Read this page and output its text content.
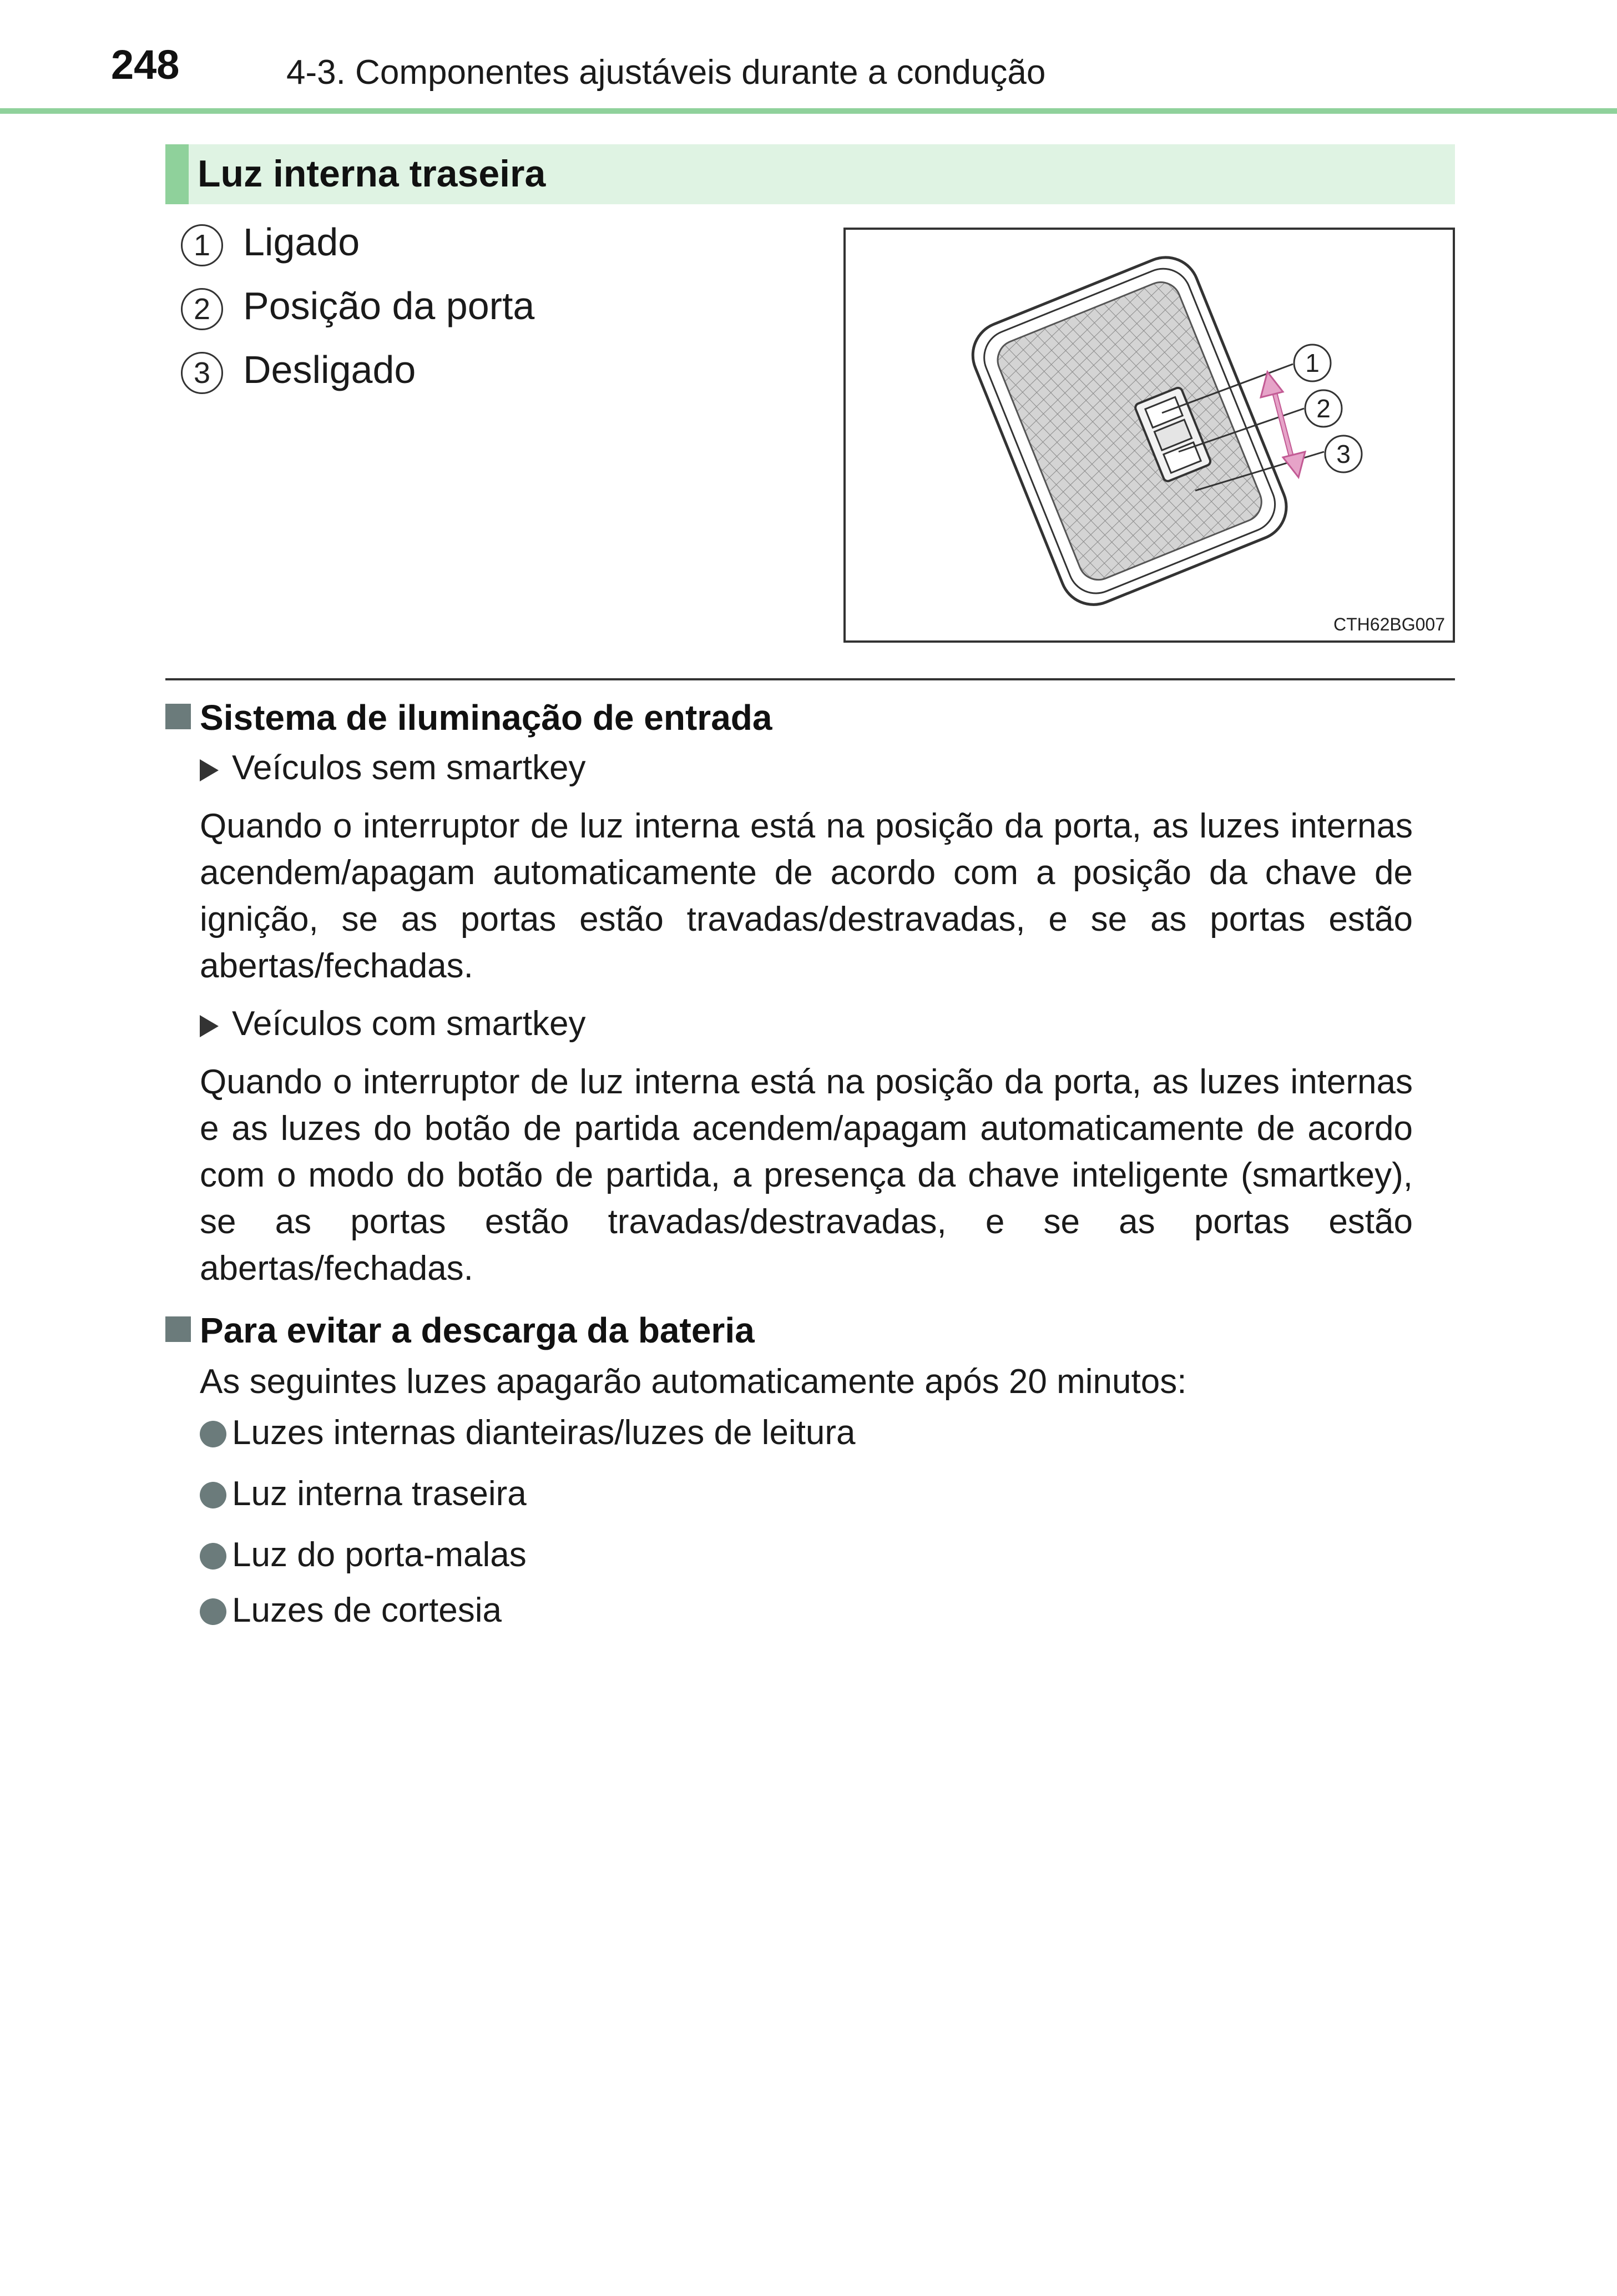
248	4-3. Componentes ajustáveis durante a condução
Luz interna traseira
1 Ligado
2 Posição da porta
3 Desligado	1
2
3
CTH62BG007
Sistema de iluminação de entrada
Veículos sem smartkey
Quando o interruptor de luz interna está na posição da porta, as luzes internas acendem/apagam automaticamente de acordo com a posição da chave de ignição, se as portas estão travadas/destravadas, e se as portas estão abertas/fechadas.
Veículos com smartkey
Quando o interruptor de luz interna está na posição da porta, as luzes internas e as luzes do botão de partida acendem/apagam automaticamente de acordo com o modo do botão de partida, a presença da chave inteligente (smartkey), se as portas estão travadas/destravadas, e se as portas estão abertas/fechadas.
Para evitar a descarga da bateria
As seguintes luzes apagarão automaticamente após 20 minutos:
Luzes internas dianteiras/luzes de leitura
Luz interna traseira
Luz do porta-malas
Luzes de cortesia
